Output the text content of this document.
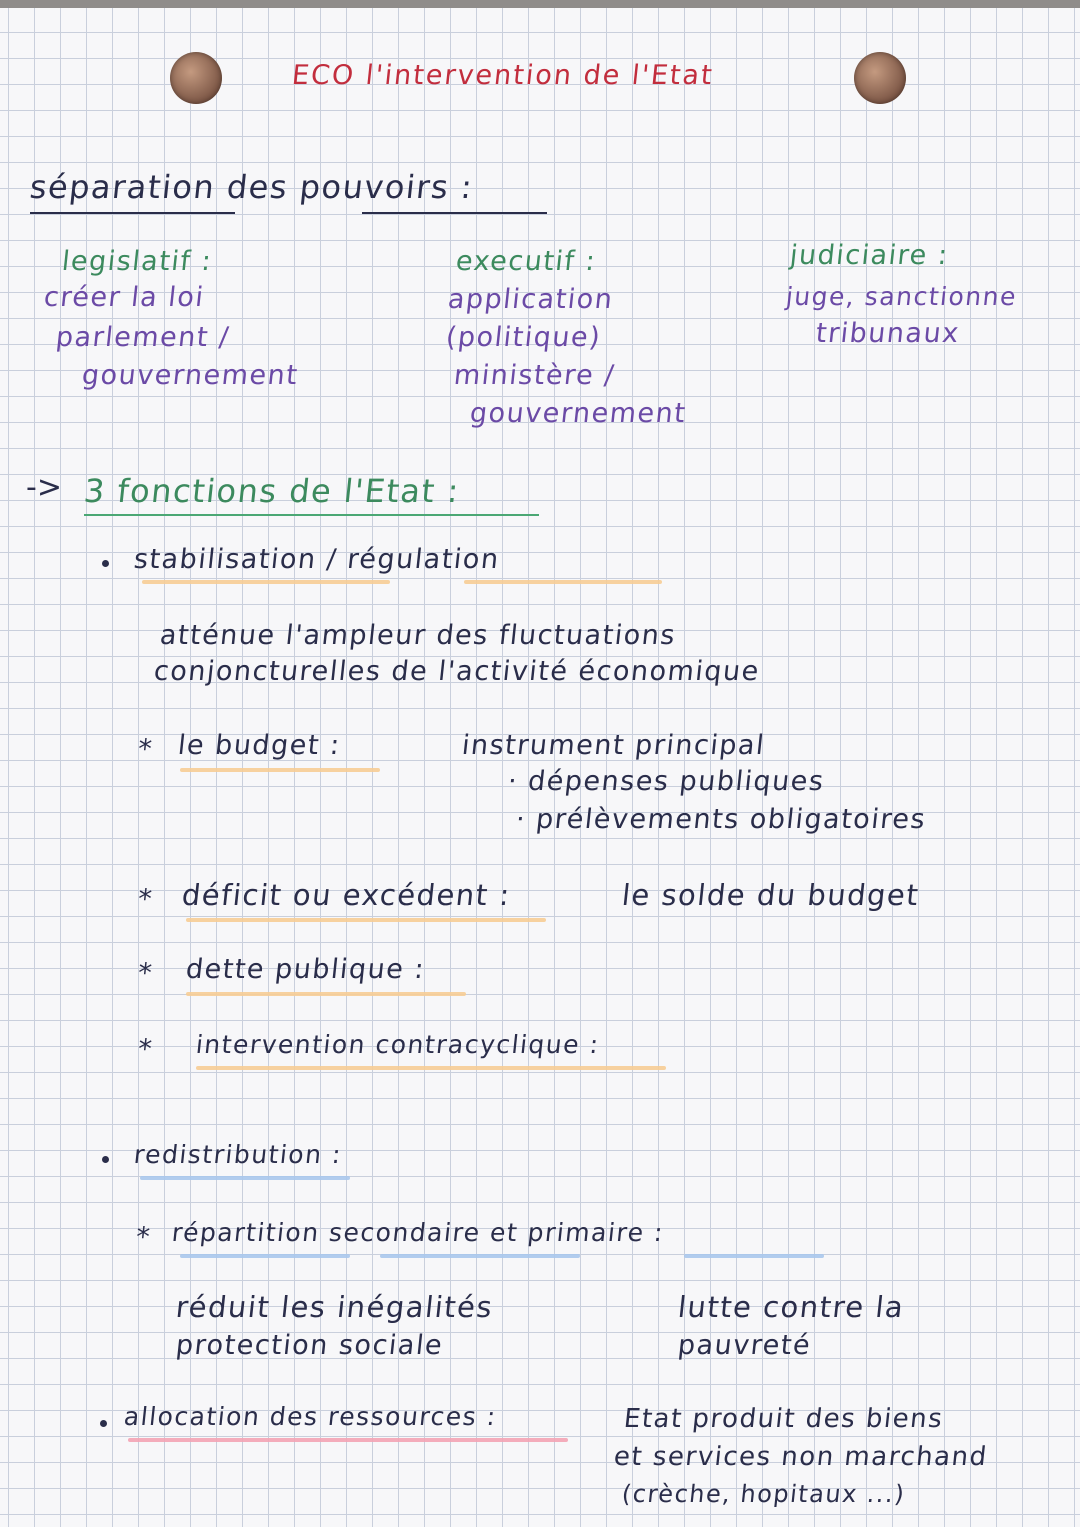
ECO l'intervention de l'Etat
séparation des pouvoirs :
legislatif :
créer la loi
parlement /
gouvernement
executif :
application
(politique)
ministère /
gouvernement
judiciaire :
juge, sanctionne
tribunaux
-> 3 fonctions de l'Etat :
stabilisation / régulation
atténue l'ampleur des fluctuations
conjoncturelles de l'activité économique
* le budget :	instrument principal
· dépenses publiques
· prélèvements obligatoires
* déficit ou excédent :	le solde du budget
* dette publique :
* intervention contracyclique :
redistribution :
* répartition secondaire et primaire :
réduit les inégalités
protection sociale
lutte contre la
pauvreté
allocation des ressources :	Etat produit des biens
et services non marchand
(crèche, hopitaux ...)
